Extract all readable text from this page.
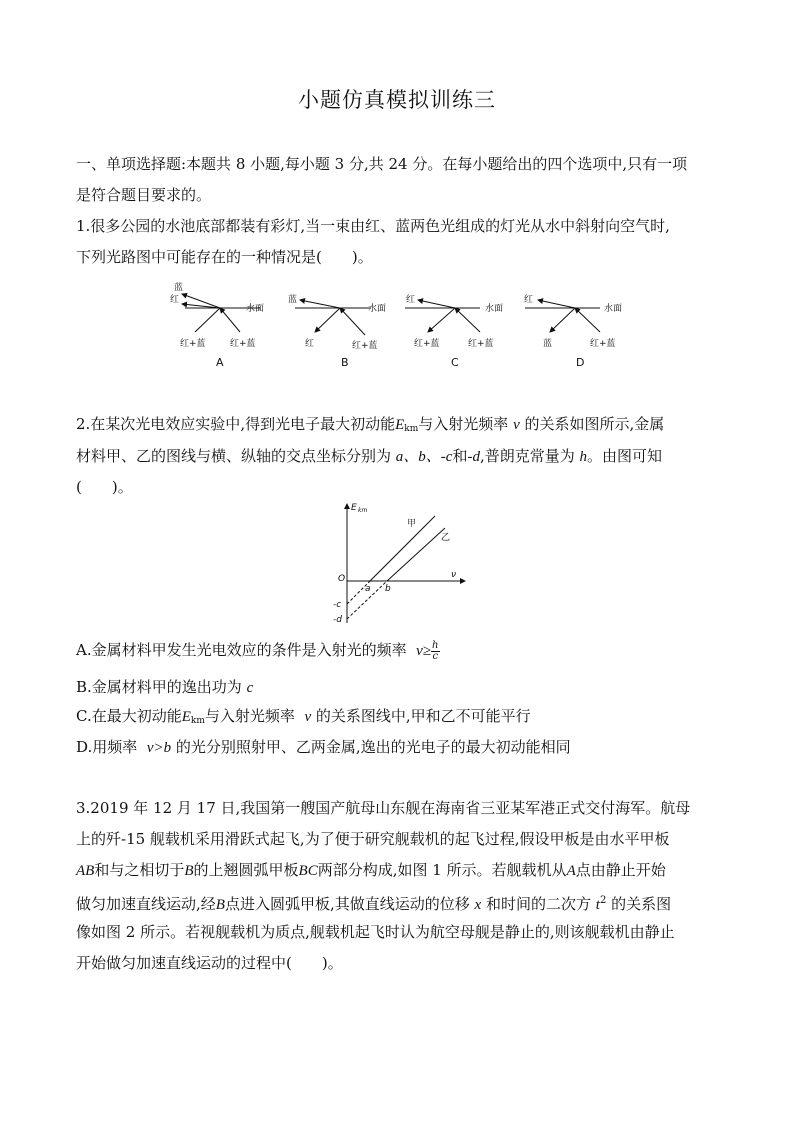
小题仿真模拟训练三
一、单项选择题:本题共 8 小题,每小题 3 分,共 24 分。在每小题给出的四个选项中,只有一项
是符合题目要求的。
1.很多公园的水池底部都装有彩灯,当一束由红、蓝两色光组成的灯光从水中斜射向空气时,
下列光路图中可能存在的一种情况是(　　)。
蓝
红
水面
红+蓝	红+蓝
A
蓝
水面
红	红+蓝
B
红
水面
红+蓝	红+蓝
C
红
水面
蓝	红+蓝
D
2.在某次光电效应实验中,得到光电子最大初动能$E_{km}$与入射光频率 ν 的关系如图所示,金属
材料甲、乙的图线与横、纵轴的交点坐标分别为 a、b、-c和-d,普朗克常量为 h。由图可知
(　　)。
E km
ν
O
a b
-c
-d
甲
乙
A.金属材料甲发生光电效应的条件是入射光的频率 $\nu\ge \frac{h}{c}$
B.金属材料甲的逸出功为 c
C.在最大初动能$E_{km}$与入射光频率 ν 的关系图线中,甲和乙不可能平行
D.用频率 ν>b 的光分别照射甲、乙两金属,逸出的光电子的最大初动能相同
3.2019 年 12 月 17 日,我国第一艘国产航母山东舰在海南省三亚某军港正式交付海军。航母
上的歼-15 舰载机采用滑跃式起飞,为了便于研究舰载机的起飞过程,假设甲板是由水平甲板
AB和与之相切于B的上翘圆弧甲板BC两部分构成,如图 1 所示。若舰载机从A点由静止开始
做匀加速直线运动,经B点进入圆弧甲板,其做直线运动的位移 x 和时间的二次方 $t^2$ 的关系图
像如图 2 所示。若视舰载机为质点,舰载机起飞时认为航空母舰是静止的,则该舰载机由静止
开始做匀加速直线运动的过程中(　　)。
